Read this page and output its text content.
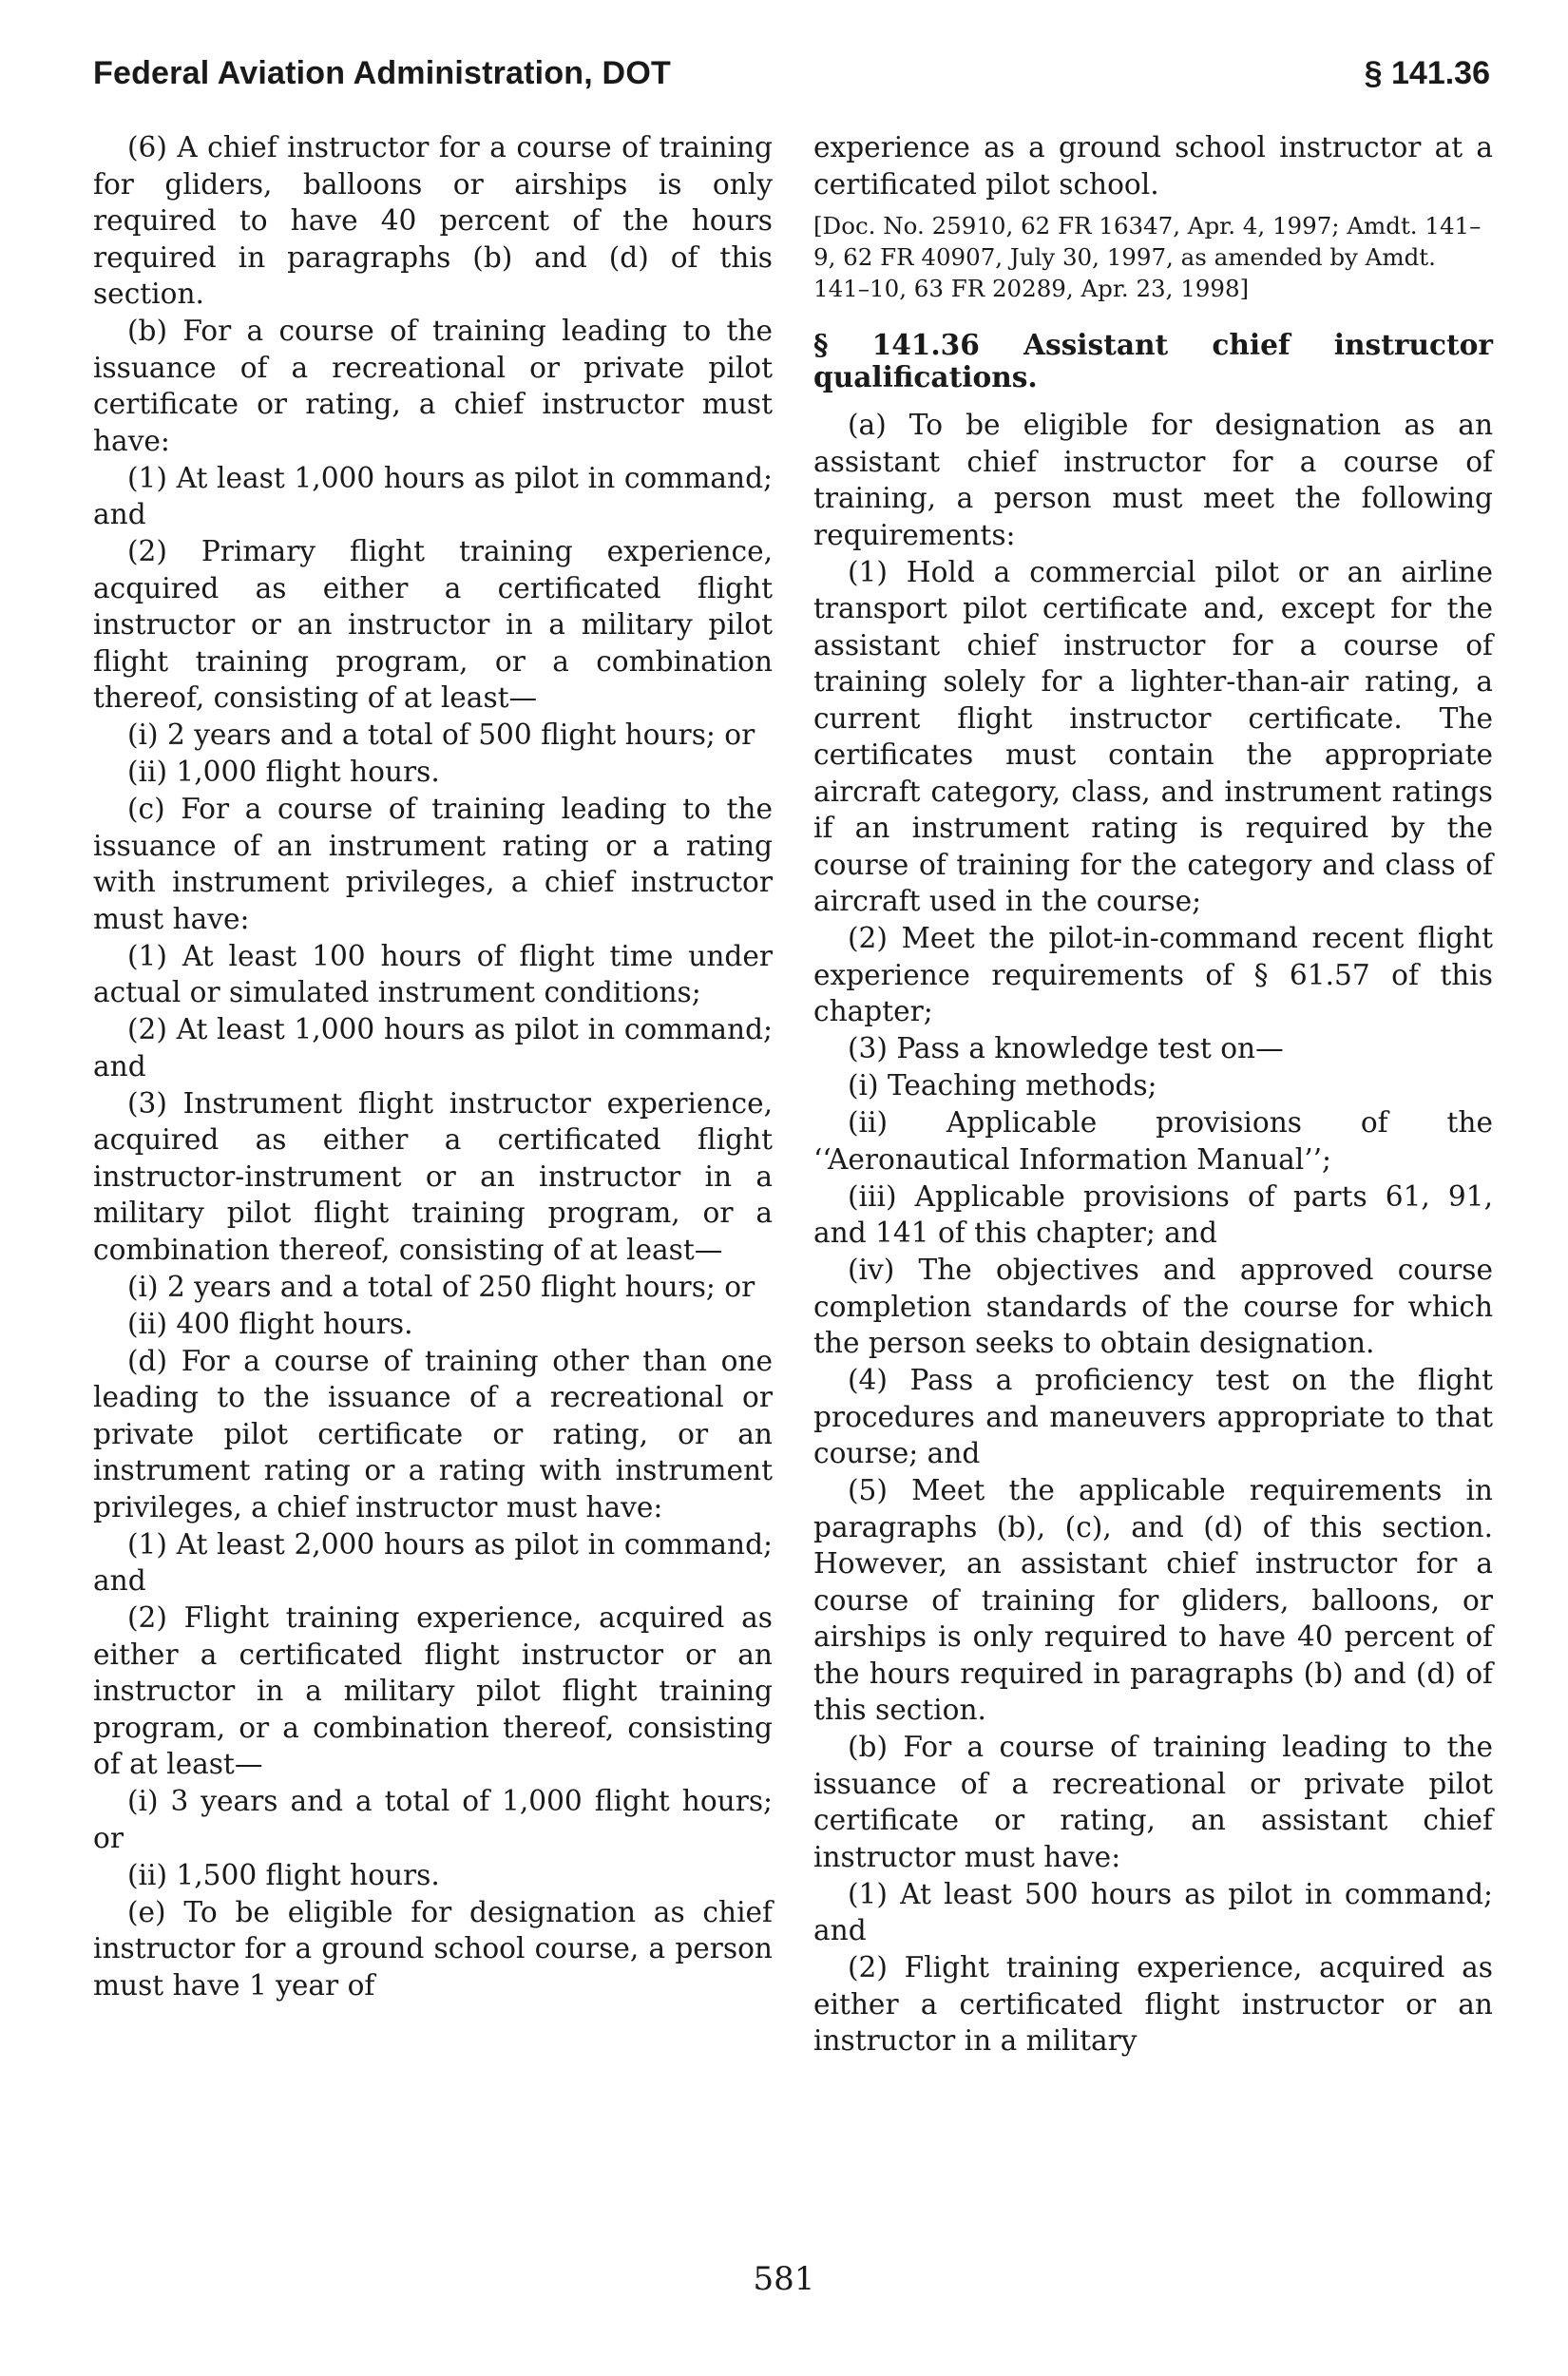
Federal Aviation Administration, DOT	§ 141.36

(6) A chief instructor for a course of training for gliders, balloons or airships is only required to have 40 percent of the hours required in paragraphs (b) and (d) of this section.

(b) For a course of training leading to the issuance of a recreational or private pilot certificate or rating, a chief instructor must have:

(1) At least 1,000 hours as pilot in command; and

(2) Primary flight training experience, acquired as either a certificated flight instructor or an instructor in a military pilot flight training program, or a combination thereof, consisting of at least—

(i) 2 years and a total of 500 flight hours; or

(ii) 1,000 flight hours.

(c) For a course of training leading to the issuance of an instrument rating or a rating with instrument privileges, a chief instructor must have:

(1) At least 100 hours of flight time under actual or simulated instrument conditions;

(2) At least 1,000 hours as pilot in command; and

(3) Instrument flight instructor experience, acquired as either a certificated flight instructor-instrument or an instructor in a military pilot flight training program, or a combination thereof, consisting of at least—

(i) 2 years and a total of 250 flight hours; or

(ii) 400 flight hours.

(d) For a course of training other than one leading to the issuance of a recreational or private pilot certificate or rating, or an instrument rating or a rating with instrument privileges, a chief instructor must have:

(1) At least 2,000 hours as pilot in command; and

(2) Flight training experience, acquired as either a certificated flight instructor or an instructor in a military pilot flight training program, or a combination thereof, consisting of at least—

(i) 3 years and a total of 1,000 flight hours; or

(ii) 1,500 flight hours.

(e) To be eligible for designation as chief instructor for a ground school course, a person must have 1 year of

experience as a ground school instructor at a certificated pilot school.

[Doc. No. 25910, 62 FR 16347, Apr. 4, 1997; Amdt. 141–9, 62 FR 40907, July 30, 1997, as amended by Amdt. 141–10, 63 FR 20289, Apr. 23, 1998]

§ 141.36 Assistant chief instructor
qualifications.

(a) To be eligible for designation as an assistant chief instructor for a course of training, a person must meet the following requirements:

(1) Hold a commercial pilot or an airline transport pilot certificate and, except for the assistant chief instructor for a course of training solely for a lighter-than-air rating, a current flight instructor certificate. The certificates must contain the appropriate aircraft category, class, and instrument ratings if an instrument rating is required by the course of training for the category and class of aircraft used in the course;

(2) Meet the pilot-in-command recent flight experience requirements of § 61.57 of this chapter;

(3) Pass a knowledge test on—

(i) Teaching methods;

(ii) Applicable provisions of the ‘‘Aeronautical Information Manual’’;

(iii) Applicable provisions of parts 61, 91, and 141 of this chapter; and

(iv) The objectives and approved course completion standards of the course for which the person seeks to obtain designation.

(4) Pass a proficiency test on the flight procedures and maneuvers appropriate to that course; and

(5) Meet the applicable requirements in paragraphs (b), (c), and (d) of this section. However, an assistant chief instructor for a course of training for gliders, balloons, or airships is only required to have 40 percent of the hours required in paragraphs (b) and (d) of this section.

(b) For a course of training leading to the issuance of a recreational or private pilot certificate or rating, an assistant chief instructor must have:

(1) At least 500 hours as pilot in command; and

(2) Flight training experience, acquired as either a certificated flight instructor or an instructor in a military

581
